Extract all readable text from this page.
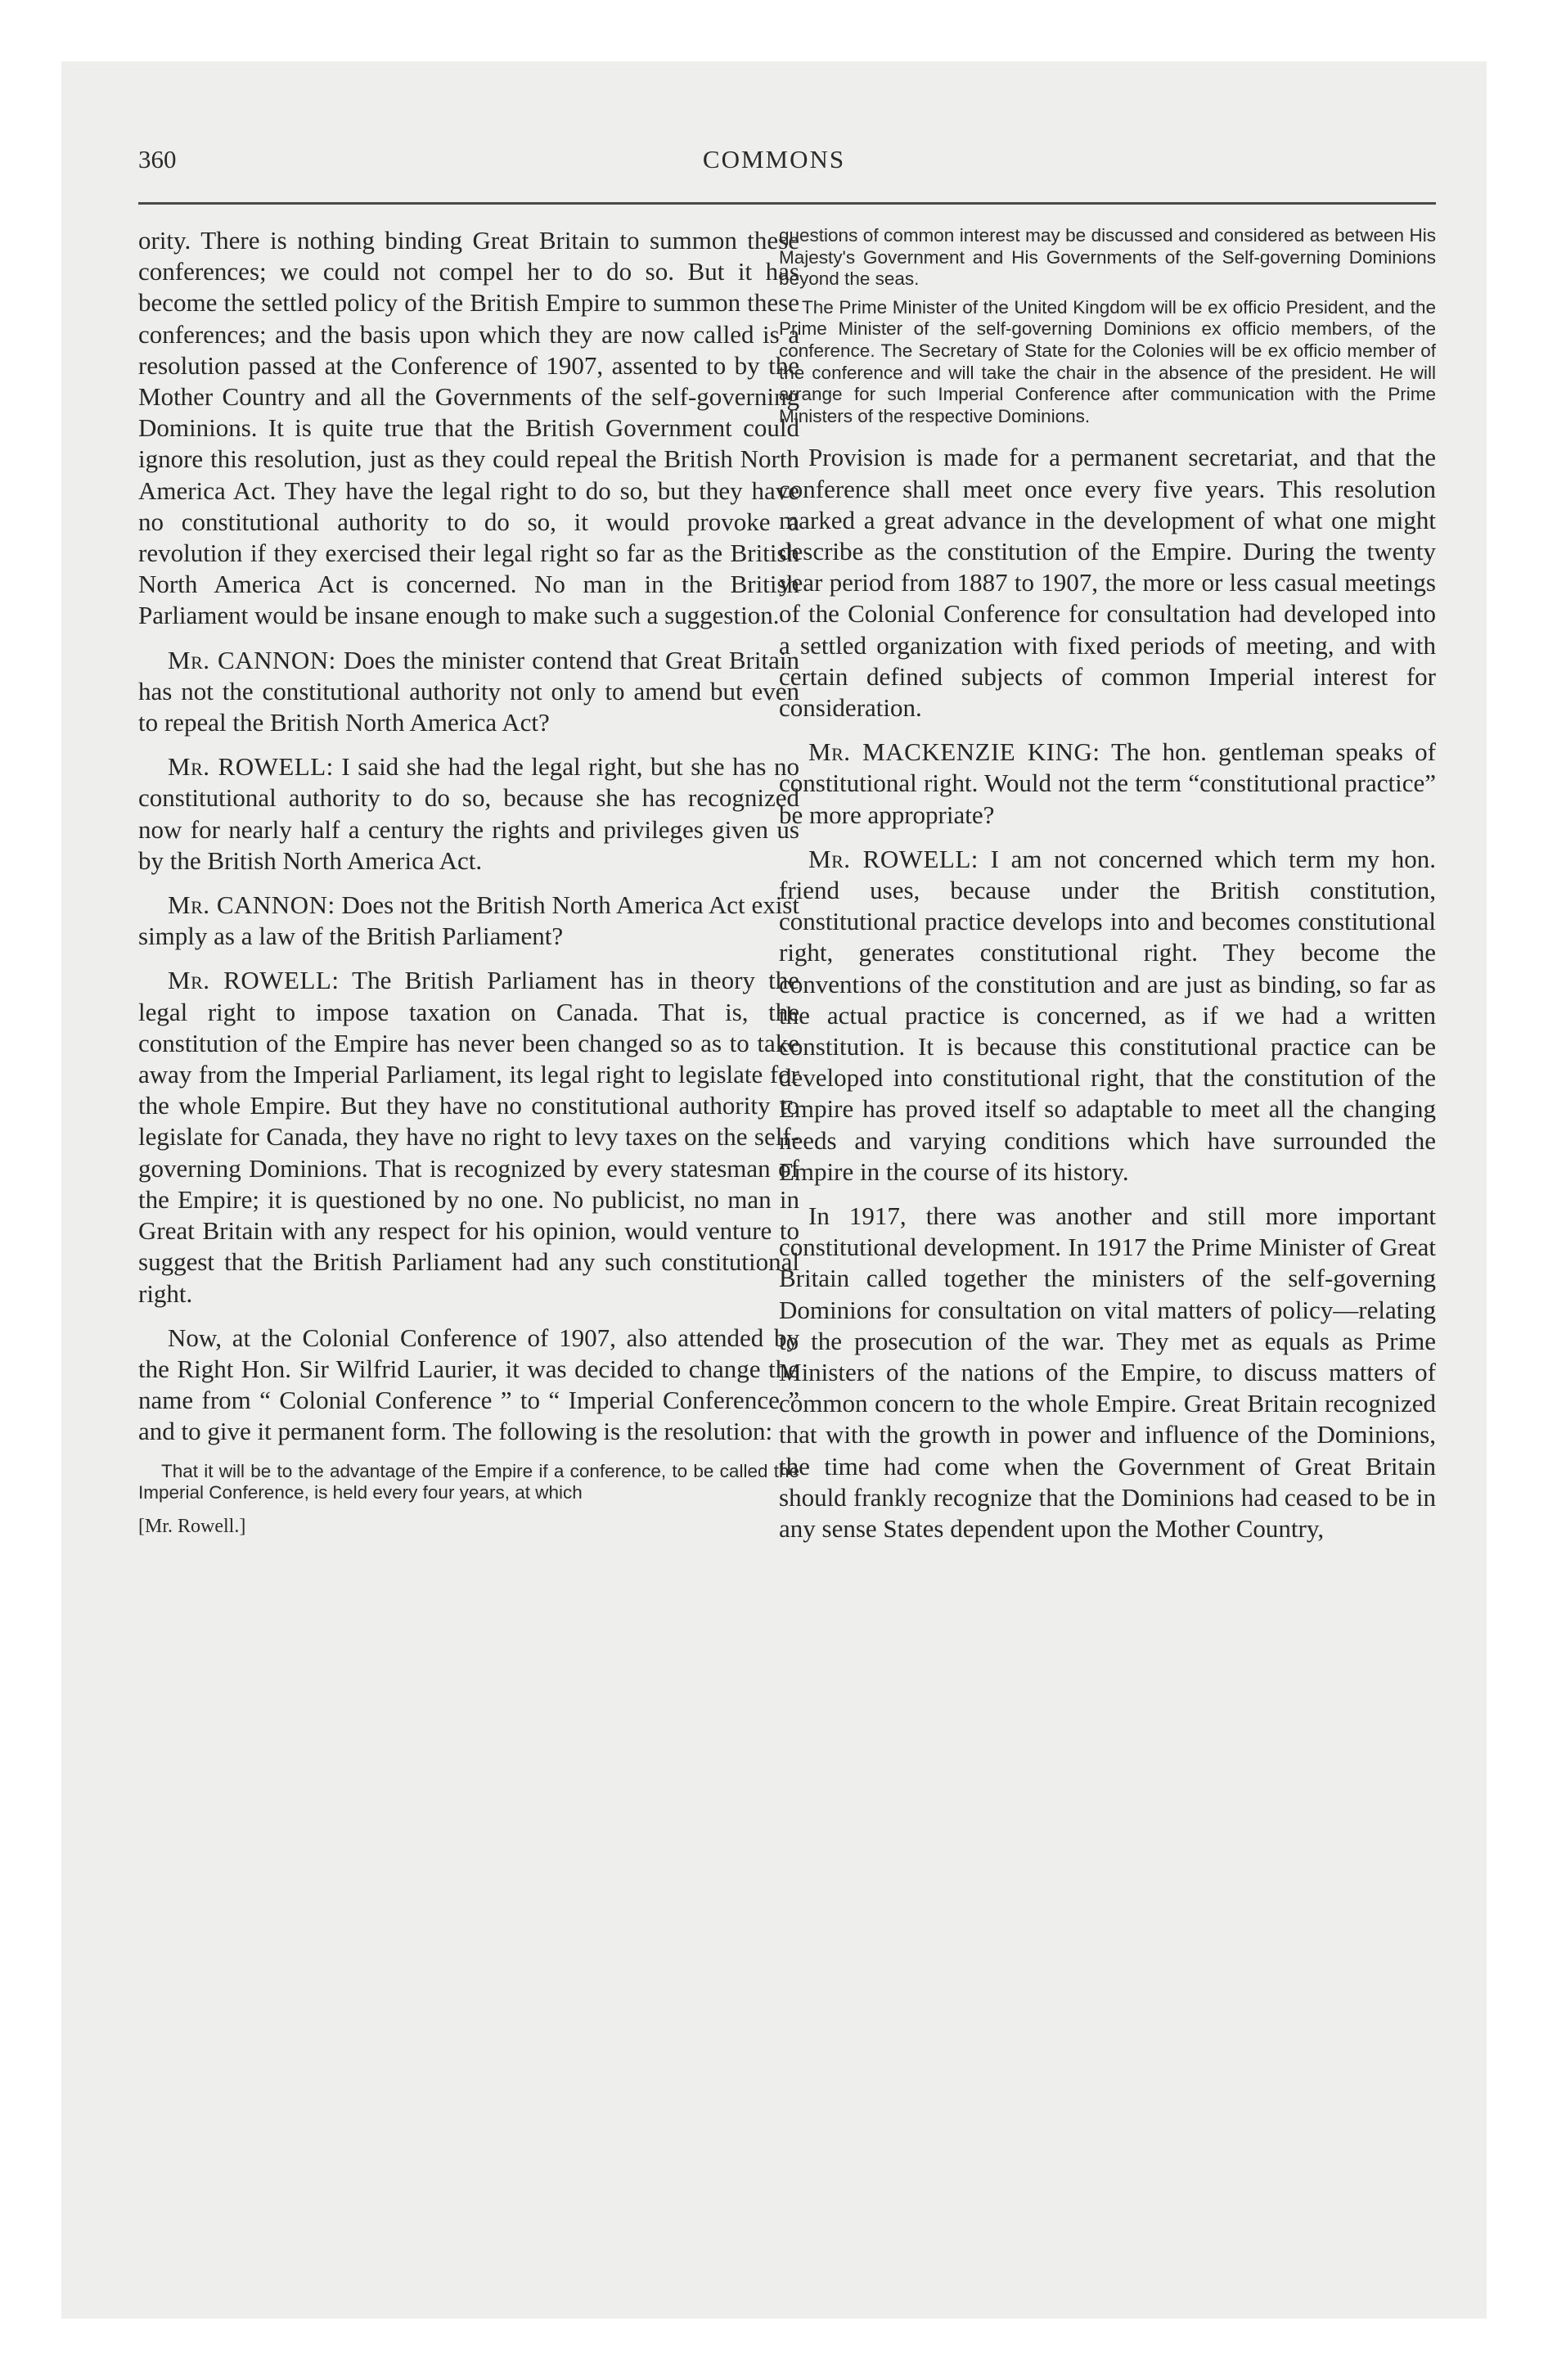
360	COMMONS

ority. There is nothing binding Great Britain to summon these conferences; we could not compel her to do so. But it has become the settled policy of the British Empire to summon these conferences; and the basis upon which they are now called is a resolution passed at the Conference of 1907, assented to by the Mother Country and all the Governments of the self-governing Dominions. It is quite true that the British Government could ignore this resolution, just as they could repeal the British North America Act. They have the legal right to do so, but they have no constitutional authority to do so, it would provoke a revolution if they exercised their legal right so far as the British North America Act is concerned. No man in the British Parliament would be insane enough to make such a suggestion.

Mr. CANNON: Does the minister contend that Great Britain has not the constitutional authority not only to amend but even to repeal the British North America Act?

Mr. ROWELL: I said she had the legal right, but she has no constitutional authority to do so, because she has recognized now for nearly half a century the rights and privileges given us by the British North America Act.

Mr. CANNON: Does not the British North America Act exist simply as a law of the British Parliament?

Mr. ROWELL: The British Parliament has in theory the legal right to impose taxation on Canada. That is, the constitution of the Empire has never been changed so as to take away from the Imperial Parliament, its legal right to legislate for the whole Empire. But they have no constitutional authority to legislate for Canada, they have no right to levy taxes on the self-governing Dominions. That is recognized by every statesman of the Empire; it is questioned by no one. No publicist, no man in Great Britain with any respect for his opinion, would venture to suggest that the British Parliament had any such constitutional right.

Now, at the Colonial Conference of 1907, also attended by the Right Hon. Sir Wilfrid Laurier, it was decided to change the name from “ Colonial Conference ” to “ Imperial Conference ” and to give it permanent form. The following is the resolution:

That it will be to the advantage of the Empire if a conference, to be called the Imperial Conference, is held every four years, at which

[Mr. Rowell.]

questions of common interest may be discussed and considered as between His Majesty's Government and His Governments of the Self-governing Dominions beyond the seas.

The Prime Minister of the United Kingdom will be ex officio President, and the Prime Minister of the self-governing Dominions ex officio members, of the conference. The Secretary of State for the Colonies will be ex officio member of the conference and will take the chair in the absence of the president. He will arrange for such Imperial Conference after communication with the Prime Ministers of the respective Dominions.

Provision is made for a permanent secretariat, and that the conference shall meet once every five years. This resolution marked a great advance in the development of what one might describe as the constitution of the Empire. During the twenty year period from 1887 to 1907, the more or less casual meetings of the Colonial Conference for consultation had developed into a settled organization with fixed periods of meeting, and with certain defined subjects of common Imperial interest for consideration.

Mr. MACKENZIE KING: The hon. gentleman speaks of constitutional right. Would not the term “constitutional practice” be more appropriate?

Mr. ROWELL: I am not concerned which term my hon. friend uses, because under the British constitution, constitutional practice develops into and becomes constitutional right, generates constitutional right. They become the conventions of the constitution and are just as binding, so far as the actual practice is concerned, as if we had a written constitution. It is because this constitutional practice can be developed into constitutional right, that the constitution of the Empire has proved itself so adaptable to meet all the changing needs and varying conditions which have surrounded the Empire in the course of its history.

In 1917, there was another and still more important constitutional development. In 1917 the Prime Minister of Great Britain called together the ministers of the self-governing Dominions for consultation on vital matters of policy—relating to the prosecution of the war. They met as equals as Prime Ministers of the nations of the Empire, to discuss matters of common concern to the whole Empire. Great Britain recognized that with the growth in power and influence of the Dominions, the time had come when the Government of Great Britain should frankly recognize that the Dominions had ceased to be in any sense States dependent upon the Mother Country,
